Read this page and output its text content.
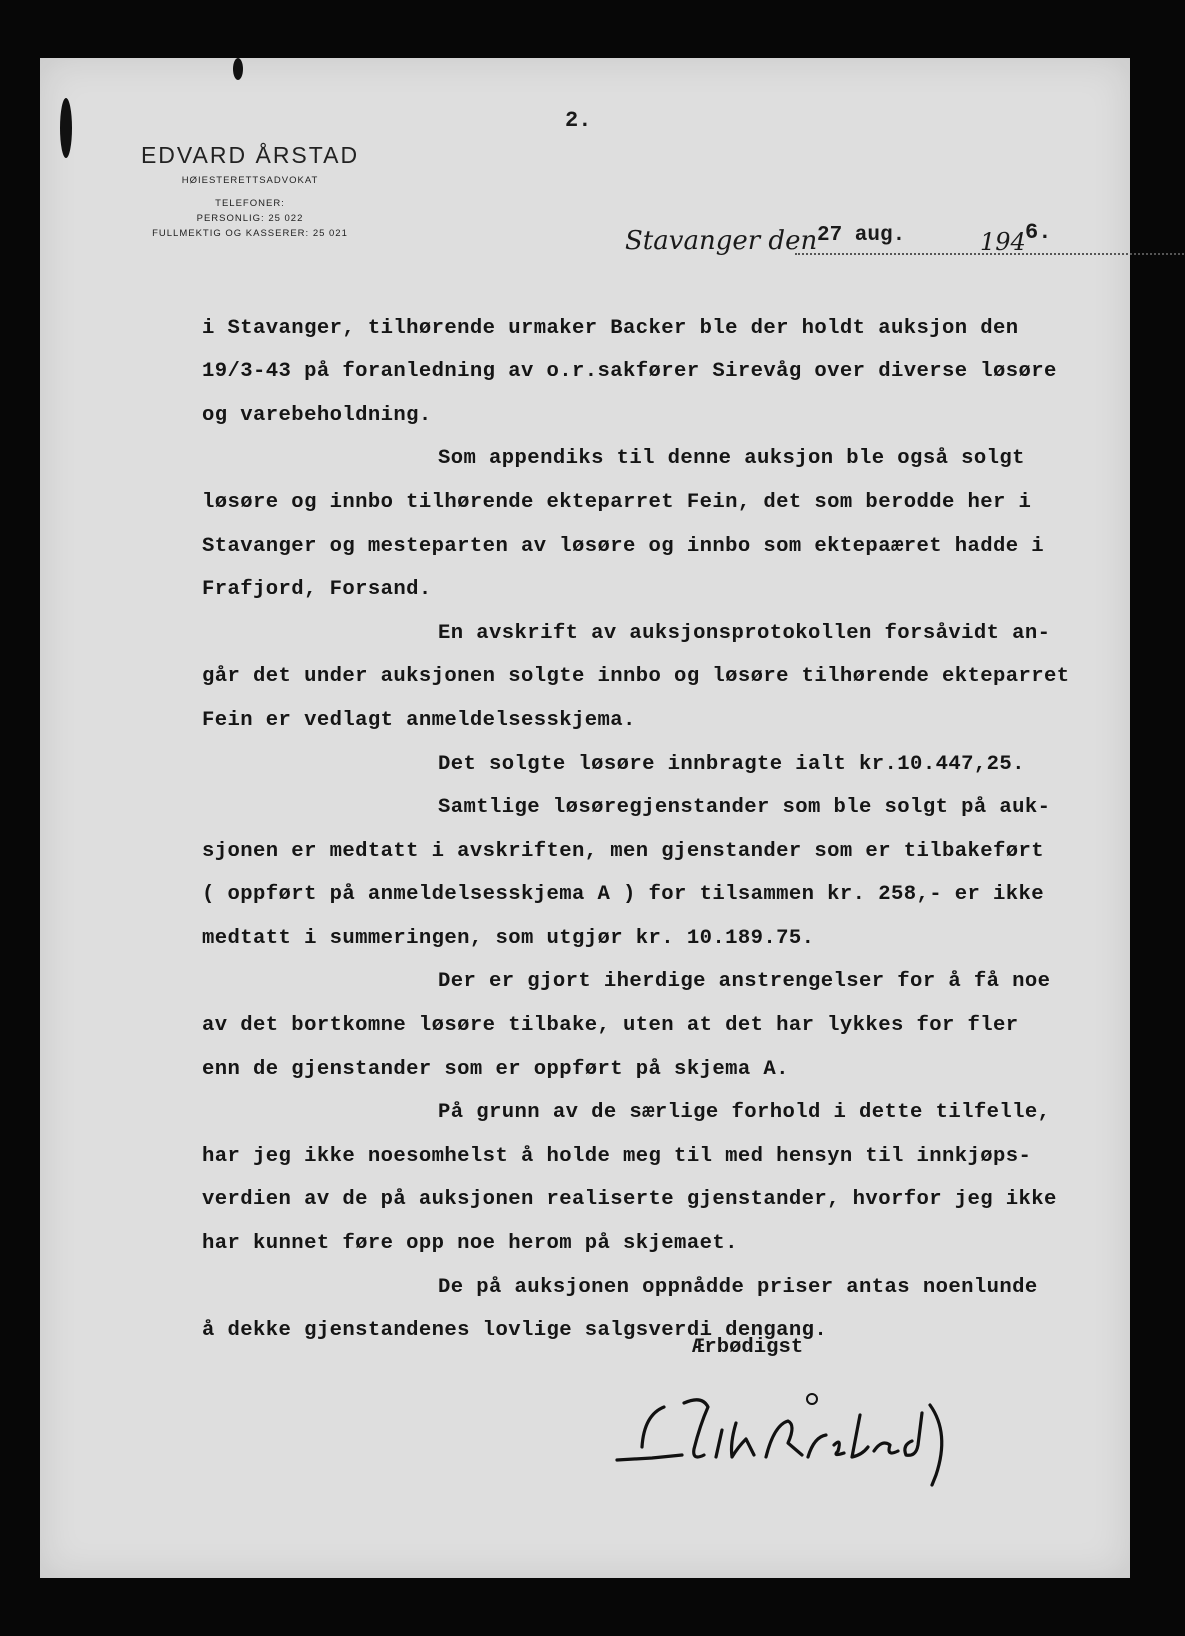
EDVARD ÅRSTAD
HØIESTERETTSADVOKAT
TELEFONER:
PERSONLIG: 25 022
FULLMEKTIG OG KASSERER: 25 021
2.
Stavanger den 27 aug.	194 6.
i Stavanger, tilhørende urmaker Backer ble der holdt auksjon den
19/3-43 på foranledning av o.r.sakfører Sirevåg over diverse løsøre
og varebeholdning.
Som appendiks til denne auksjon ble også solgt
løsøre og innbo tilhørende ekteparret Fein, det som berodde her i
Stavanger og mesteparten av løsøre og innbo som ektepaæret hadde i
Frafjord, Forsand.
En avskrift av auksjonsprotokollen forsåvidt an-
går det under auksjonen solgte innbo og løsøre tilhørende ekteparret
Fein er vedlagt anmeldelsesskjema.
Det solgte løsøre innbragte ialt kr.10.447,25.
Samtlige løsøregjenstander som ble solgt på auk-
sjonen er medtatt i avskriften, men gjenstander som er tilbakeført
( oppført på anmeldelsesskjema A ) for tilsammen kr. 258,- er ikke
medtatt i summeringen, som utgjør kr. 10.189.75.
Der er gjort iherdige anstrengelser for å få noe
av det bortkomne løsøre tilbake, uten at det har lykkes for fler
enn de gjenstander som er oppført på skjema A.
På grunn av de særlige forhold i dette tilfelle,
har jeg ikke noesomhelst å holde meg til med hensyn til innkjøps-
verdien av de på auksjonen realiserte gjenstander, hvorfor jeg ikke
har kunnet føre opp noe herom på skjemaet.
De på auksjonen oppnådde priser antas noenlunde
å dekke gjenstandenes lovlige salgsverdi dengang.
Ærbødigst
